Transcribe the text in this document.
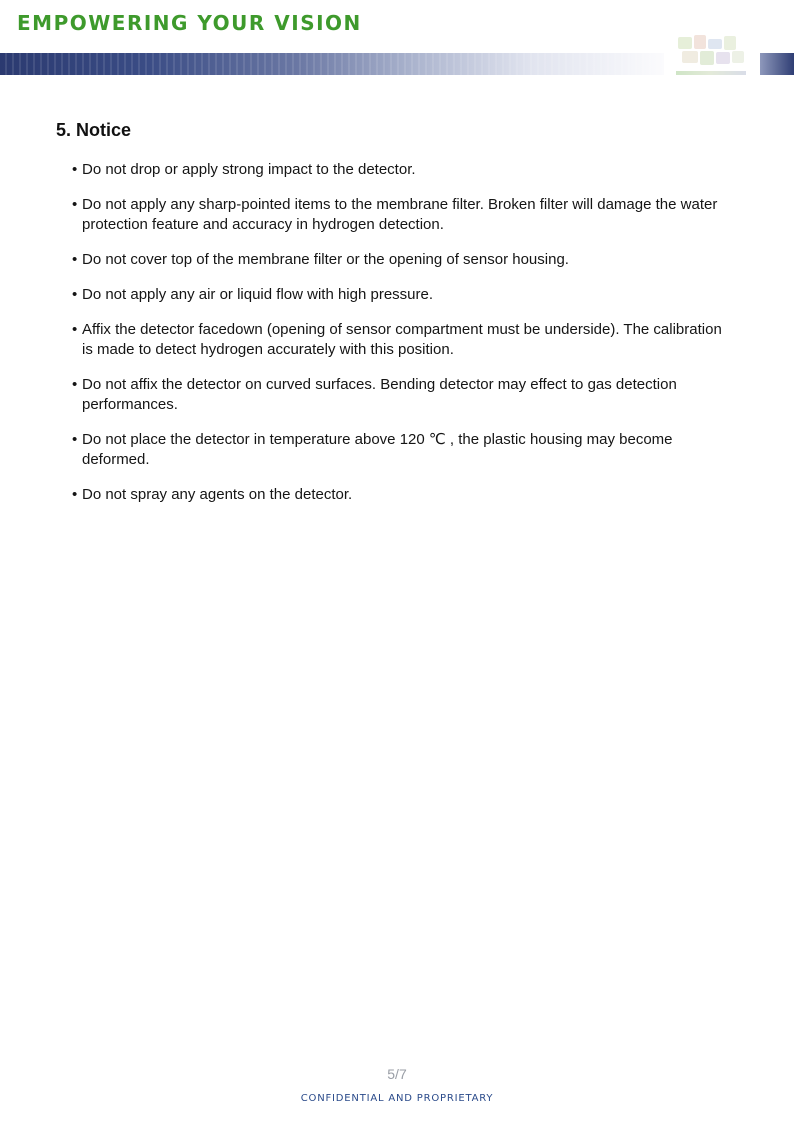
EMPOWERING YOUR VISION
5. Notice
• Do not drop or apply strong impact to the detector.
• Do not apply any sharp-pointed items to the membrane filter. Broken filter will damage the water protection feature and accuracy in hydrogen detection.
• Do not cover top of the membrane filter or the opening of sensor housing.
• Do not apply any air or liquid flow with high pressure.
• Affix the detector facedown (opening of sensor compartment must be underside). The calibration is made to detect hydrogen accurately with this position.
• Do not affix the detector on curved surfaces. Bending detector may effect to gas detection performances.
• Do not place the detector in temperature above 120 ℃ , the plastic housing may become deformed.
• Do not spray any agents on the detector.

5/7

CONFIDENTIAL AND PROPRIETARY
